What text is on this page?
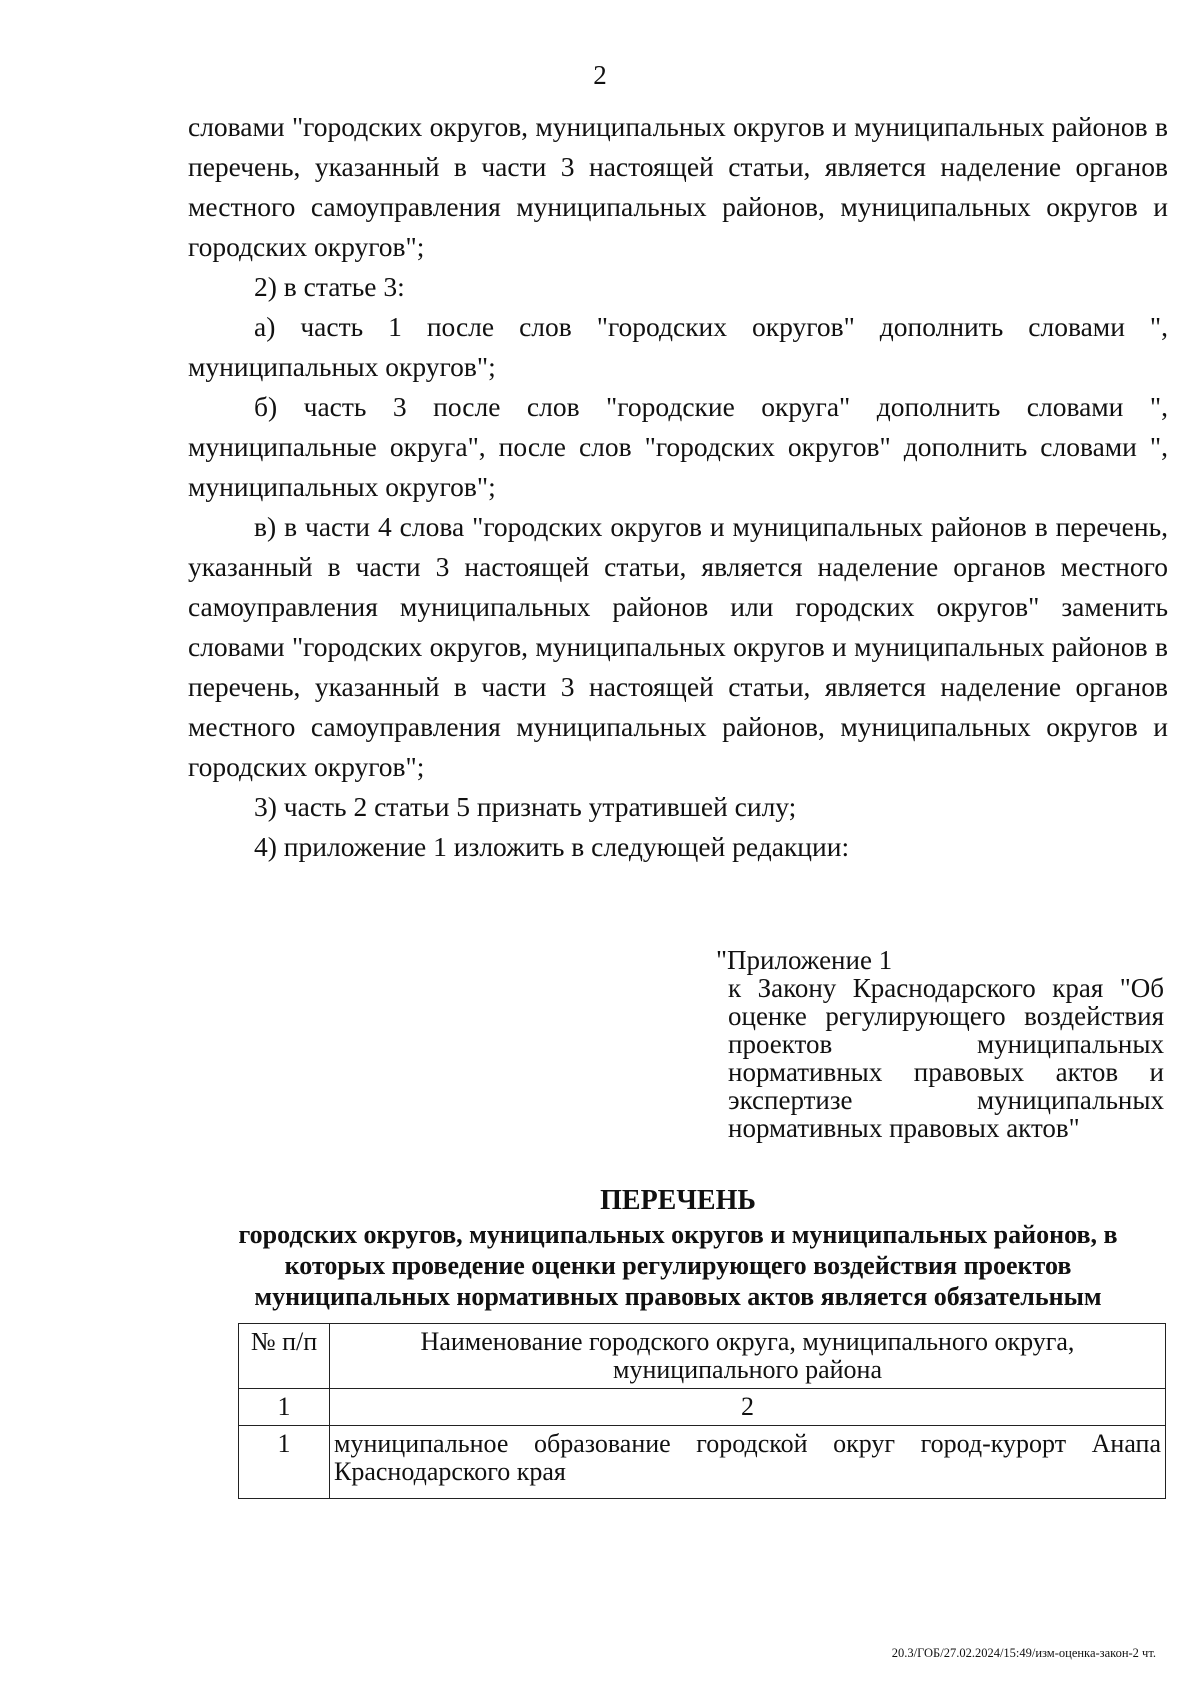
2

словами "городских округов, муниципальных округов и муниципальных районов в перечень, указанный в части 3 настоящей статьи, является наделение органов местного самоуправления муниципальных районов, муниципальных округов и городских округов";

2) в статье 3:

а) часть 1 после слов "городских округов" дополнить словами ", муниципальных округов";

б) часть 3 после слов "городские округа" дополнить словами ", муниципальные округа", после слов "городских округов" дополнить словами ", муниципальных округов";

в) в части 4 слова "городских округов и муниципальных районов в перечень, указанный в части 3 настоящей статьи, является наделение органов местного самоуправления муниципальных районов или городских округов" заменить словами "городских округов, муниципальных округов и муниципальных районов в перечень, указанный в части 3 настоящей статьи, является наделение органов местного самоуправления муниципальных районов, муниципальных округов и городских округов";

3) часть 2 статьи 5 признать утратившей силу;

4) приложение 1 изложить в следующей редакции:

"Приложение 1

к Закону Краснодарского края "Об оценке регулирующего воздействия проектов муниципальных нормативных правовых актов и экспертизе муниципальных нормативных правовых актов"

ПЕРЕЧЕНЬ
городских округов, муниципальных округов и муниципальных районов, в которых проведение оценки регулирующего воздействия проектов муниципальных нормативных правовых актов является обязательным
№ п/п	Наименование городского округа, муниципального округа, муниципального района
1	2
1	муниципальное образование городской округ город-курорт Анапа Краснодарского края
20.3/ГОБ/27.02.2024/15:49/изм-оценка-закон-2 чт.
